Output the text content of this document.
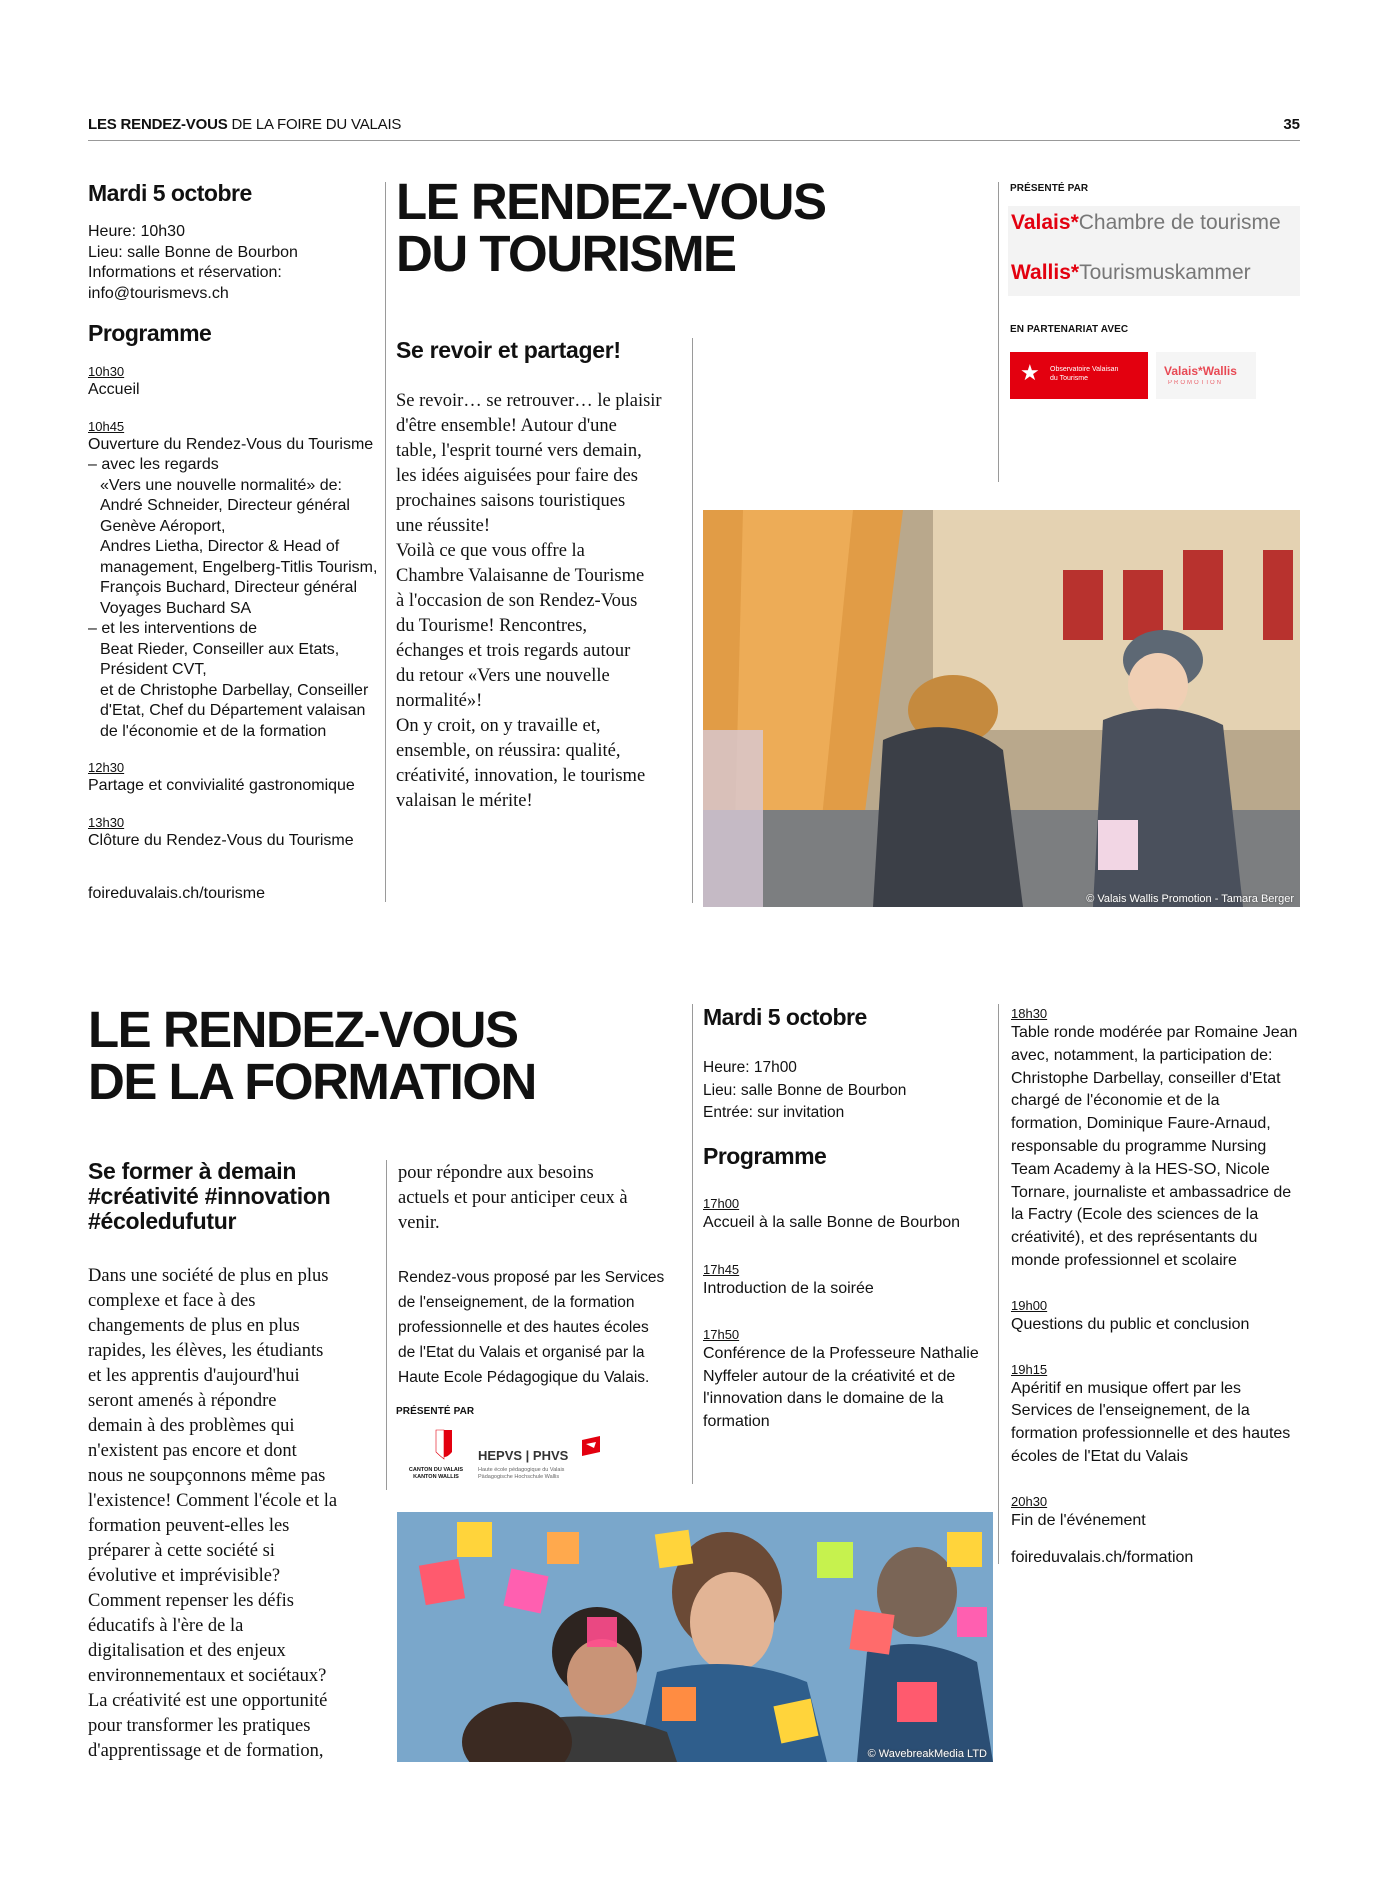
LES RENDEZ-VOUS DE LA FOIRE DU VALAIS	35
Mardi 5 octobre
Heure: 10h30
Lieu: salle Bonne de Bourbon
Informations et réservation:
info@tourismevs.ch
Programme
10h30
Accueil
10h45
Ouverture du Rendez-Vous du Tourisme
– avec les regards
«Vers une nouvelle normalité» de:
André Schneider, Directeur général
Genève Aéroport,
Andres Lietha, Director & Head of
management, Engelberg-Titlis Tourism,
François Buchard, Directeur général
Voyages Buchard SA
– et les interventions de
Beat Rieder, Conseiller aux Etats,
Président CVT,
et de Christophe Darbellay, Conseiller
d'Etat, Chef du Département valaisan
de l'économie et de la formation
12h30
Partage et convivialité gastronomique
13h30
Clôture du Rendez-Vous du Tourisme
foireduvalais.ch/tourisme
LE RENDEZ-VOUS
DU TOURISME
Se revoir et partager!
Se revoir… se retrouver… le plaisir
d'être ensemble! Autour d'une
table, l'esprit tourné vers demain,
les idées aiguisées pour faire des
prochaines saisons touristiques
une réussite!
Voilà ce que vous offre la
Chambre Valaisanne de Tourisme
à l'occasion de son Rendez-Vous
du Tourisme! Rencontres,
échanges et trois regards autour
du retour «Vers une nouvelle
normalité»!
On y croit, on y travaille et,
ensemble, on réussira: qualité,
créativité, innovation, le tourisme
valaisan le mérite!
PRÉSENTÉ PAR
Valais*Chambre de tourisme
Wallis*Tourismuskammer
EN PARTENARIAT AVEC
★ Observatoire Valaisan
du Tourisme
Valais*Wallis
PROMOTION
© Valais Wallis Promotion - Tamara Berger
LE RENDEZ-VOUS
DE LA FORMATION
Se former à demain
#créativité #innovation
#écoledufutur
Dans une société de plus en plus
complexe et face à des
changements de plus en plus
rapides, les élèves, les étudiants
et les apprentis d'aujourd'hui
seront amenés à répondre
demain à des problèmes qui
n'existent pas encore et dont
nous ne soupçonnons même pas
l'existence! Comment l'école et la
formation peuvent-elles les
préparer à cette société si
évolutive et imprévisible?
Comment repenser les défis
éducatifs à l'ère de la
digitalisation et des enjeux
environnementaux et sociétaux?
La créativité est une opportunité
pour transformer les pratiques
d'apprentissage et de formation,
pour répondre aux besoins
actuels et pour anticiper ceux à
venir.
Rendez-vous proposé par les Services
de l'enseignement, de la formation
professionnelle et des hautes écoles
de l'Etat du Valais et organisé par la
Haute Ecole Pédagogique du Valais.
PRÉSENTÉ PAR
CANTON DU VALAIS
KANTON WALLIS
HEPVS | PHVS
Haute école pédagogique du Valais
Pädagogische Hochschule Wallis
Mardi 5 octobre
Heure: 17h00
Lieu: salle Bonne de Bourbon
Entrée: sur invitation
Programme
17h00
Accueil à la salle Bonne de Bourbon
17h45
Introduction de la soirée
17h50
Conférence de la Professeure Nathalie
Nyffeler autour de la créativité et de
l'innovation dans le domaine de la
formation
18h30
Table ronde modérée par Romaine Jean
avec, notamment, la participation de:
Christophe Darbellay, conseiller d'Etat
chargé de l'économie et de la
formation, Dominique Faure-Arnaud,
responsable du programme Nursing
Team Academy à la HES-SO, Nicole
Tornare, journaliste et ambassadrice de
la Factry (Ecole des sciences de la
créativité), et des représentants du
monde professionnel et scolaire
19h00
Questions du public et conclusion
19h15
Apéritif en musique offert par les
Services de l'enseignement, de la
formation professionnelle et des hautes
écoles de l'Etat du Valais
20h30
Fin de l'événement
foireduvalais.ch/formation
© WavebreakMedia LTD
